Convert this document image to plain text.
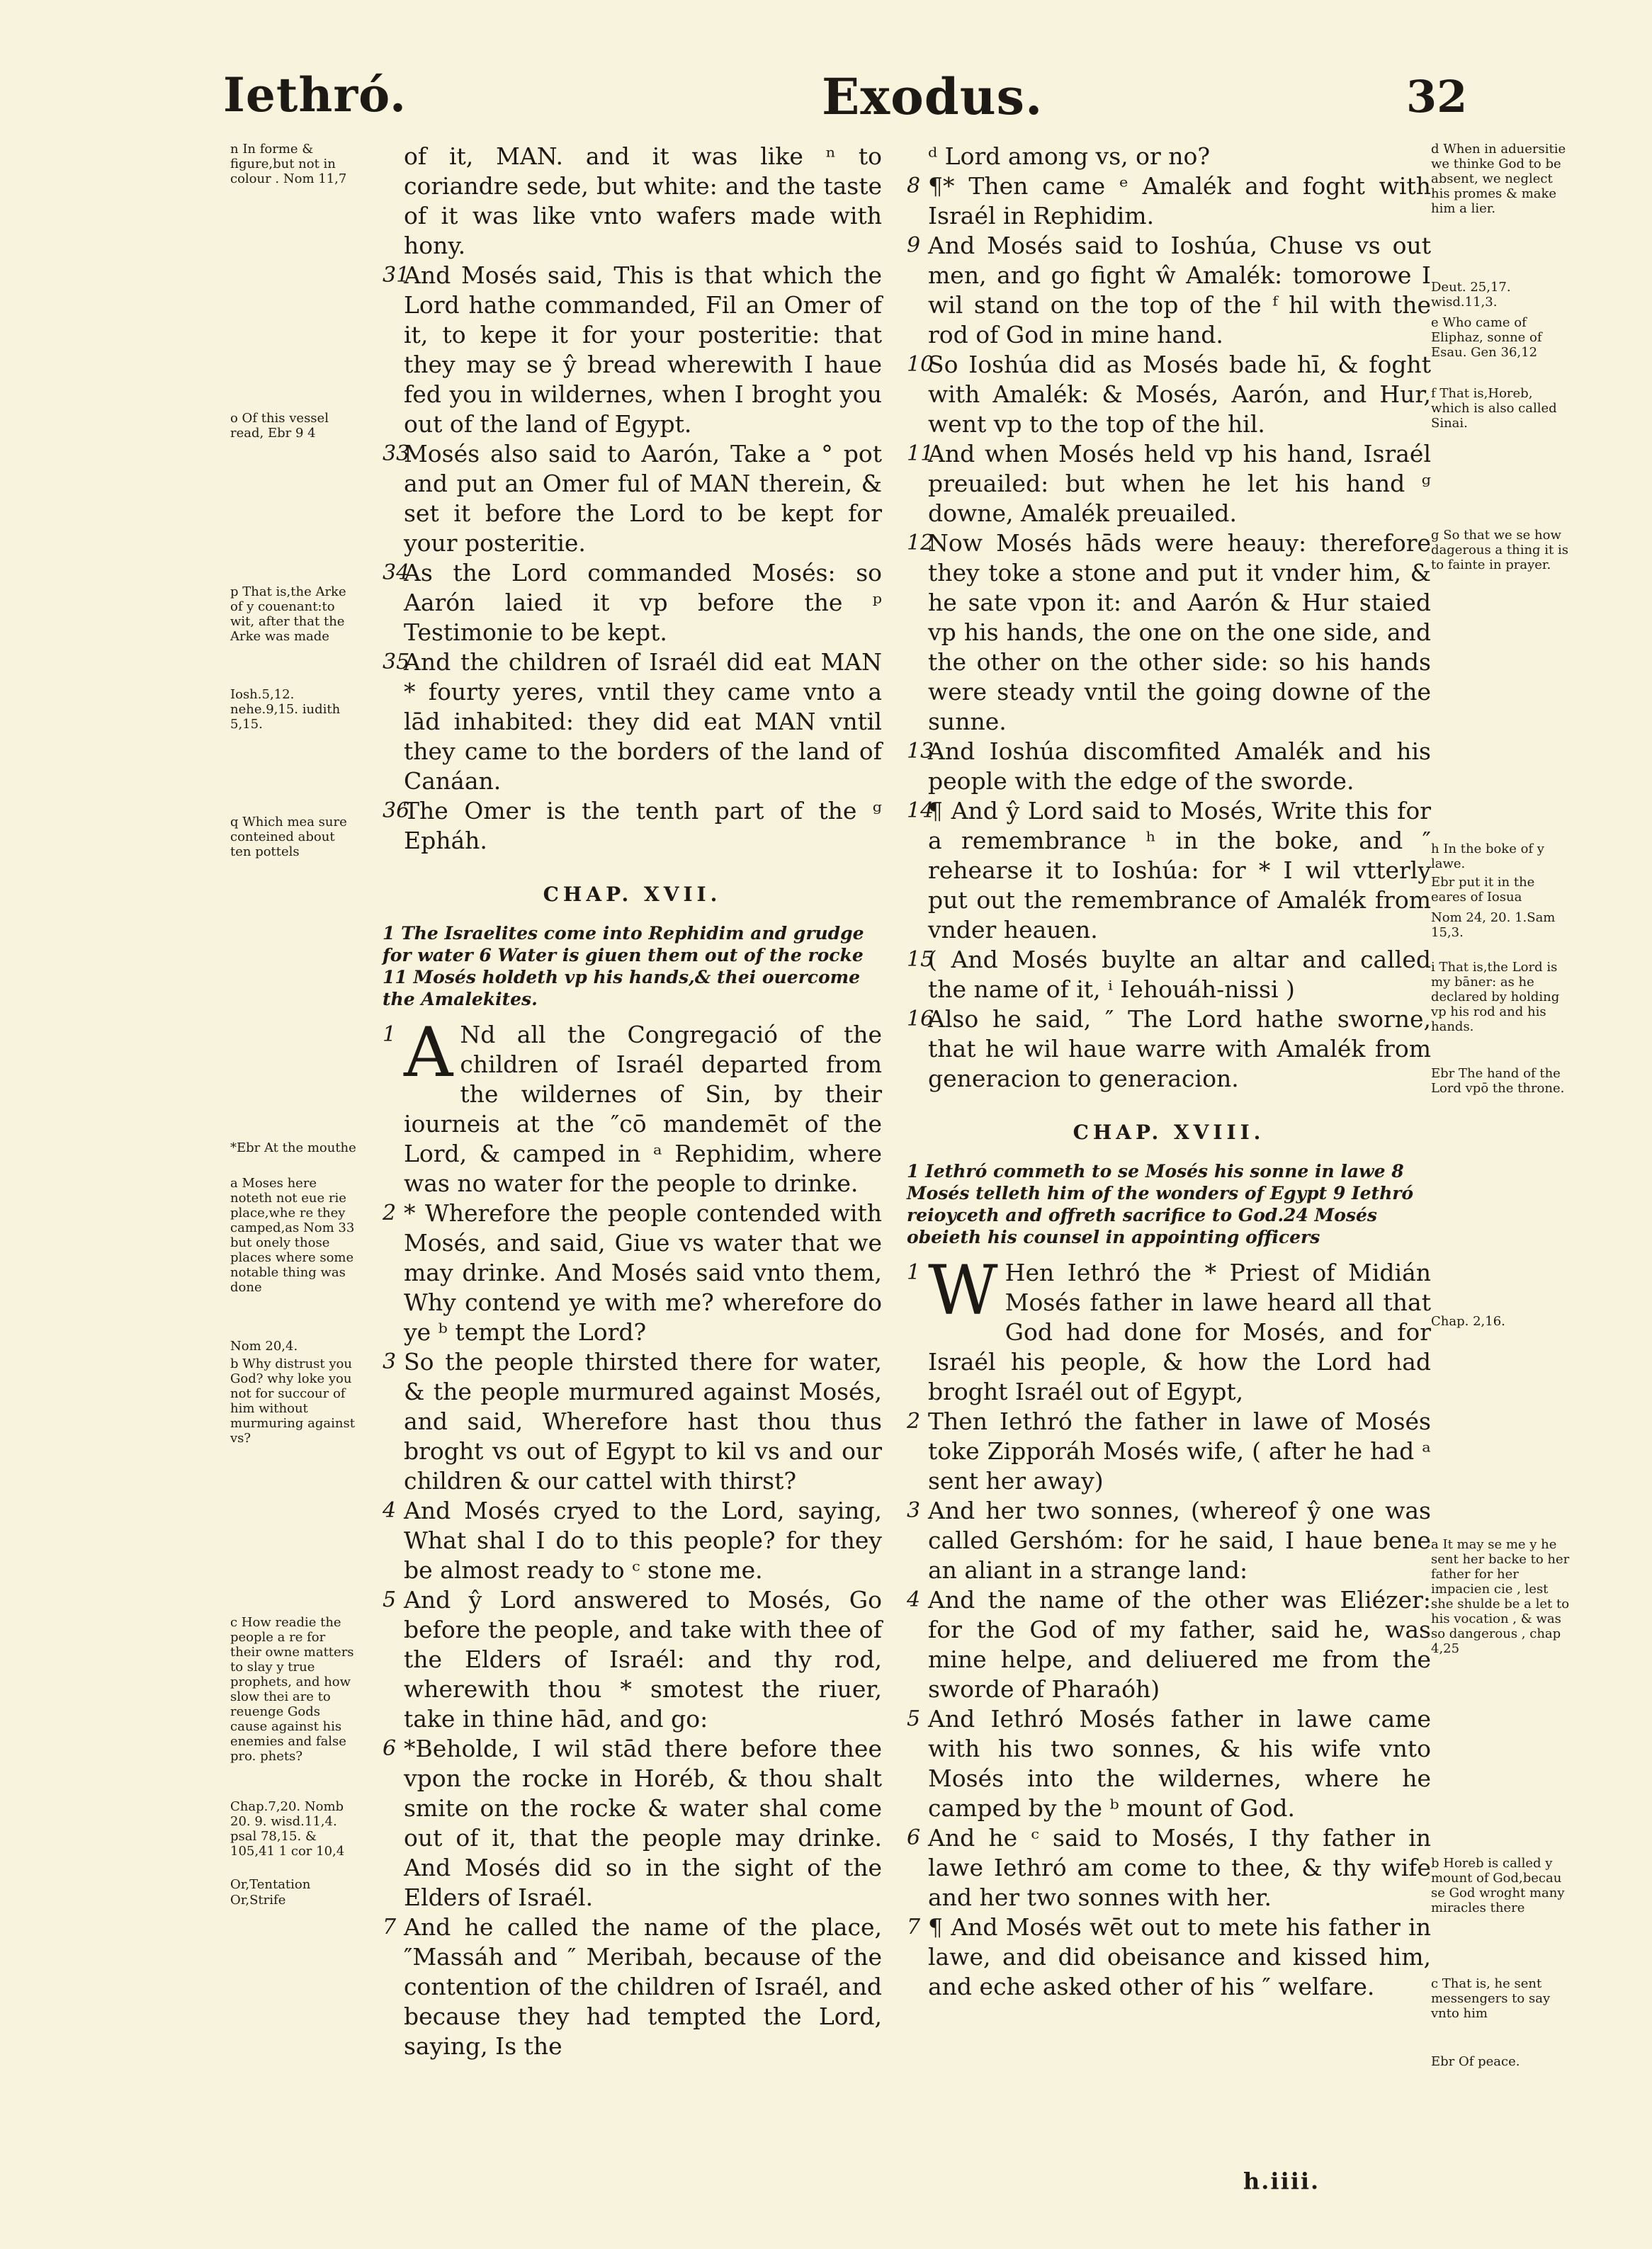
Iethró.	Exodus.	32

n In forme & figure,but not in colour . Nom 11,7

o Of this vessel read, Ebr 9 4

p That is,the Arke of y couenant:to wit, after that the Arke was made

Iosh.5,12. nehe.9,15. iudith 5,15.

q Which mea sure conteined about ten pottels

*Ebr At the mouthe

a Moses here noteth not eue rie place,whe re they camped,as Nom 33 but onely those places where some notable thing was done

Nom 20,4.

b Why distrust you God? why loke you not for succour of him without murmuring against vs?

c How readie the people a re for their owne matters to slay y true prophets, and how slow thei are to reuenge Gods cause against his enemies and false pro. phets?

Chap.7,20. Nomb 20. 9. wisd.11,4. psal 78,15. & 105,41 1 cor 10,4

Or,Tentation

Or,Strife

of it, MAN. and it was like ⁿ to coriandre sede, but white: and the taste of it was like vnto wafers made with hony.
31
And Mosés said, This is that which the Lord hathe commanded, Fil an Omer of it, to kepe it for your posteritie: that they may se ŷ bread wherewith I haue fed you in wildernes, when I broght you out of the land of Egypt.
33
Mosés also said to Aarón, Take a ° pot and put an Omer ful of MAN therein, & set it before the Lord to be kept for your posteritie.
34
As the Lord commanded Mosés: so Aarón laied it vp before the ᵖ Testimonie to be kept.
35
And the children of Israél did eat MAN * fourty yeres, vntil they came vnto a lād inhabited: they did eat MAN vntil they came to the borders of the land of Canáan.
36
The Omer is the tenth part of the ᵍ Epháh.
CHAP. XVII.
1 The Israelites come into Rephidim and grudge for water 6 Water is giuen them out of the rocke 11 Mosés holdeth vp his hands,& thei ouercome the Amalekites.
1 A Nd all the Congregació of the children of Israél departed from the wildernes of Sin, by their iourneis at the ″cō mandemēt of the Lord, & camped in ᵃ Rephidim, where was no water for the people to drinke.
2 * Wherefore the people contended with Mosés, and said, Giue vs water that we may drinke. And Mosés said vnto them, Why contend ye with me? wherefore do ye ᵇ tempt the Lord?
3 So the people thirsted there for water, & the people murmured against Mosés, and said, Wherefore hast thou thus broght vs out of Egypt to kil vs and our children & our cattel with thirst?
4 And Mosés cryed to the Lord, saying, What shal I do to this people? for they be almost ready to ᶜ stone me.
5 And ŷ Lord answered to Mosés, Go before the people, and take with thee of the Elders of Israél: and thy rod, wherewith thou * smotest the riuer, take in thine hād, and go:
6 *Beholde, I wil stād there before thee vpon the rocke in Horéb, & thou shalt smite on the rocke & water shal come out of it, that the people may drinke. And Mosés did so in the sight of the Elders of Israél.
7 And he called the name of the place, ″Massáh and ″ Meribah, because of the contention of the children of Israél, and because they had tempted the Lord, saying, Is the
ᵈ Lord among vs, or no?
8 ¶* Then came ᵉ Amalék and foght with Israél in Rephidim.
9 And Mosés said to Ioshúa, Chuse vs out men, and go fight ŵ Amalék: tomorowe I wil stand on the top of the ᶠ hil with the rod of God in mine hand.
10
So Ioshúa did as Mosés bade hī, & foght with Amalék: & Mosés, Aarón, and Hur, went vp to the top of the hil.
11
And when Mosés held vp his hand, Israél preuailed: but when he let his hand ᵍ downe, Amalék preuailed.
12
Now Mosés hāds were heauy: therefore they toke a stone and put it vnder him, & he sate vpon it: and Aarón & Hur staied vp his hands, the one on the one side, and the other on the other side: so his hands were steady vntil the going downe of the sunne.
13
And Ioshúa discomfited Amalék and his people with the edge of the sworde.
14
¶ And ŷ Lord said to Mosés, Write this for a remembrance ʰ in the boke, and ″ rehearse it to Ioshúa: for * I wil vtterly put out the remembrance of Amalék from vnder heauen.
15
( And Mosés buylte an altar and called the name of it, ⁱ Iehouáh-nissi )
16
Also he said, ″ The Lord hathe sworne, that he wil haue warre with Amalék from generacion to generacion.
CHAP. XVIII.
1 Iethró commeth to se Mosés his sonne in lawe 8 Mosés telleth him of the wonders of Egypt 9 Iethró reioyceth and offreth sacrifice to God.24 Mosés obeieth his counsel in appointing officers
1 W Hen Iethró the * Priest of Midián Mosés father in lawe heard all that God had done for Mosés, and for Israél his people, & how the Lord had broght Israél out of Egypt,
2 Then Iethró the father in lawe of Mosés toke Zipporáh Mosés wife, ( after he had ᵃ sent her away)
3 And her two sonnes, (whereof ŷ one was called Gershóm: for he said, I haue bene an aliant in a strange land:
4 And the name of the other was Eliézer: for the God of my father, said he, was mine helpe, and deliuered me from the sworde of Pharaóh)
5 And Iethró Mosés father in lawe came with his two sonnes, & his wife vnto Mosés into the wildernes, where he camped by the ᵇ mount of God.
6 And he ᶜ said to Mosés, I thy father in lawe Iethró am come to thee, & thy wife and her two sonnes with her.
7 ¶ And Mosés wēt out to mete his father in lawe, and did obeisance and kissed him, and eche asked other of his ″ welfare.

d When in aduersitie we thinke God to be absent, we neglect his promes & make him a lier.

Deut. 25,17. wisd.11,3.

e Who came of Eliphaz, sonne of Esau. Gen 36,12

f That is,Horeb, which is also called Sinai.

g So that we se how dagerous a thing it is to fainte in prayer.

h In the boke of y lawe.

Ebr put it in the eares of Iosua

Nom 24, 20. 1.Sam 15,3.

i That is,the Lord is my bāner: as he declared by holding vp his rod and his hands.

Ebr The hand of the Lord vpō the throne.

Chap. 2,16.

a It may se me y he sent her backe to her father for her impacien cie , lest she shulde be a let to his vocation , & was so dangerous , chap 4,25

b Horeb is called y mount of God,becau se God wroght many miracles there

c That is, he sent messengers to say vnto him

Ebr Of peace.

h.iiii.
